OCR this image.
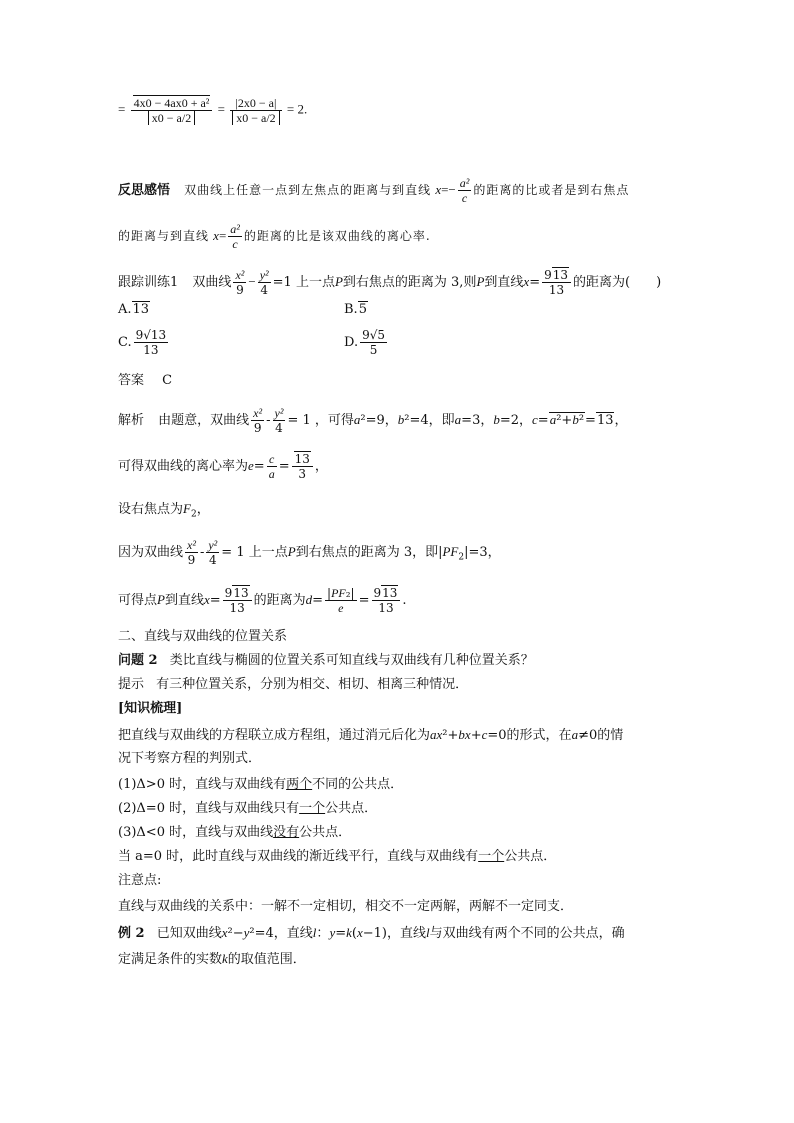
= $\frac{\text{4x0 − 4ax0 + a²}}{x0 - a/2} = \frac{|2x0 - a|}{x0 - a/2} = 2$.
反思感悟 双曲线上任意一点到左焦点的距离与到直线 $x=- \frac{\text{a²}}{c}$ 的距离的比或者是到右焦点
的距离与到直线 $x= \frac{\text{a²}}{c}$ 的距离的比是该双曲线的离心率.
跟踪训练1 双曲线 $\frac{\text{x²}}{9} - \frac{\text{y²}}{4} =1$ 上一点P到右焦点的距离为 3,则P到直线$x= \frac{913}{13}$ 的距离为(　　)
A.13	B.5
C. $\frac{9√13}{13}$	D. $\frac{9√5}{5}$
答案 C
解析 由题意，双曲线 $\frac{\text{x²}}{9} - \frac{\text{y²}}{4} = 1$ ，可得a²=9，b²=4，即a=3，b=2，c=a²+b²=13，
可得双曲线的离心率为$e= \frac{c}{a} = \frac{13}{3}$ ，
设右焦点为$F_2$，
因为双曲线 $\frac{\text{x²}}{9} - \frac{\text{y²}}{4} = 1$ 上一点P到右焦点的距离为 3，即$|PF_2|=3$，
可得点P到直线$x= \frac{913}{13}$ 的距离为$d= \frac{\text{|PF₂|}}{e} = \frac{913}{13}$ .
二、直线与双曲线的位置关系
问题 2 类比直线与椭圆的位置关系可知直线与双曲线有几种位置关系？
提示 有三种位置关系，分别为相交、相切、相离三种情况．
[知识梳理]
把直线与双曲线的方程联立成方程组，通过消元后化为ax²+bx+c=0的形式，在a≠0的情
况下考察方程的判别式．
(1)Δ>0 时，直线与双曲线有两个不同的公共点．
(2)Δ=0 时，直线与双曲线只有一个公共点．
(3)Δ<0 时，直线与双曲线没有公共点．
当 a=0 时，此时直线与双曲线的渐近线平行，直线与双曲线有一个公共点．
注意点:
直线与双曲线的关系中：一解不一定相切，相交不一定两解，两解不一定同支．
例 2 已知双曲线x²−y²=4，直线l：y=k(x−1)，直线l与双曲线有两个不同的公共点，确
定满足条件的实数k的取值范围．
